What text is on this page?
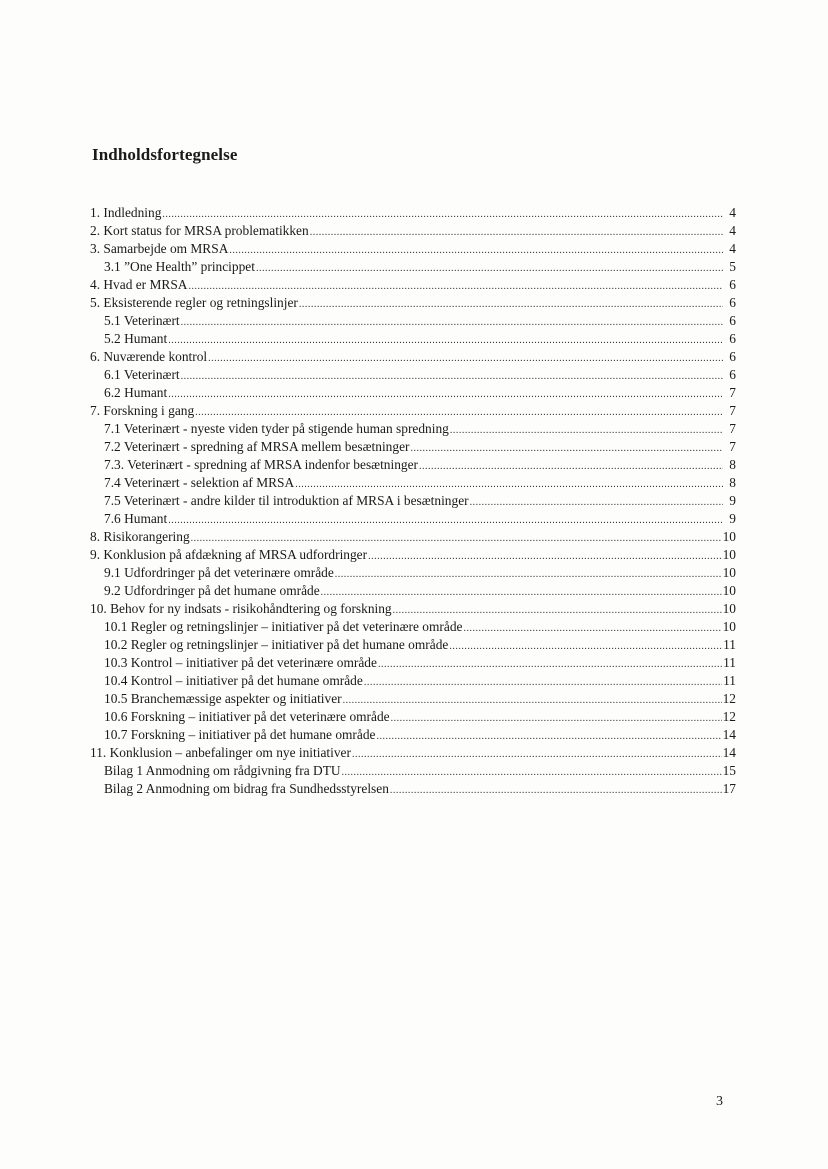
Indholdsfortegnelse
1. Indledning .....	4
2. Kort status for MRSA problematikken .....	4
3. Samarbejde om MRSA .....	4
3.1 ”One Health” princippet .....	5
4. Hvad er MRSA .....	6
5. Eksisterende regler og retningslinjer .....	6
5.1 Veterinært .....	6
5.2 Humant .....	6
6. Nuværende kontrol .....	6
6.1 Veterinært .....	6
6.2 Humant .....	7
7. Forskning i gang .....	7
7.1 Veterinært - nyeste viden tyder på stigende human spredning .....	7
7.2 Veterinært - spredning af MRSA mellem besætninger .....	7
7.3. Veterinært - spredning af MRSA indenfor besætninger .....	8
7.4 Veterinært - selektion af MRSA .....	8
7.5 Veterinært - andre kilder til introduktion af MRSA i besætninger .....	9
7.6 Humant .....	9
8. Risikorangering .....	10
9. Konklusion på afdækning af MRSA udfordringer .....	10
9.1 Udfordringer på det veterinære område .....	10
9.2 Udfordringer på det humane område .....	10
10. Behov for ny indsats - risikohåndtering og forskning .....	10
10.1 Regler og retningslinjer – initiativer på det veterinære område .....	10
10.2 Regler og retningslinjer – initiativer på det humane område .....	11
10.3 Kontrol – initiativer på det veterinære område .....	11
10.4 Kontrol – initiativer på det humane område .....	11
10.5 Branchemæssige aspekter og initiativer .....	12
10.6 Forskning – initiativer på det veterinære område .....	12
10.7 Forskning – initiativer på det humane område .....	14
11. Konklusion – anbefalinger om nye initiativer .....	14
Bilag 1 Anmodning om rådgivning fra DTU .....	15
Bilag 2 Anmodning om bidrag fra Sundhedsstyrelsen .....	17
3
